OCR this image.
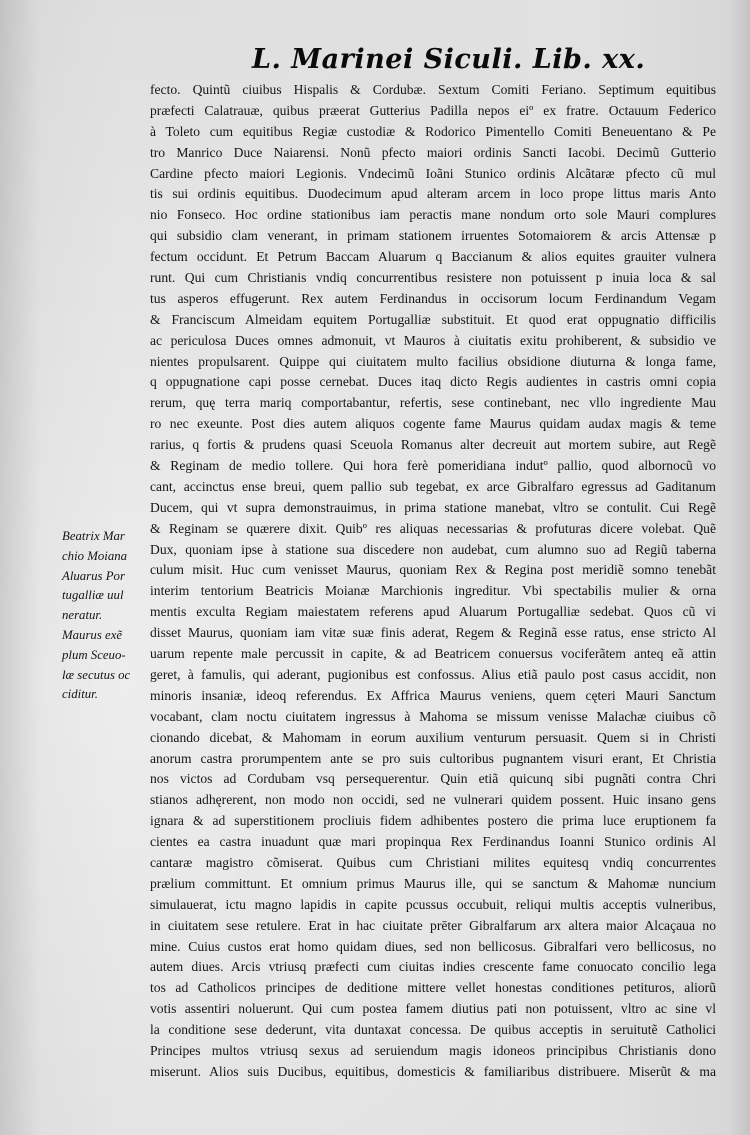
L. Marinei Siculi. Lib. xx.
fecto. Quintũ ciuibus Hispalis & Cordubæ. Sextum Comiti Feriano. Septimum equitibus
præfecti Calatrauæ, quibus præerat Gutterius Padilla nepos eiº ex fratre. Octauum Federico
à Toleto cum equitibus Regiæ custodiæ & Rodorico Pimentello Comiti Beneuentano & Pe
tro Manrico Duce Naiarensi. Nonũ pfecto maiori ordinis Sancti Iacobi. Decimũ Gutterio
Cardine pfecto maiori Legionis. Vndecimũ Ioãni Stunico ordinis Alcãtaræ pfecto cũ mul
tis sui ordinis equitibus. Duodecimum apud alteram arcem in loco prope littus maris Anto
nio Fonseco. Hoc ordine stationibus iam peractis mane nondum orto sole Mauri complures
qui subsidio clam venerant, in primam stationem irruentes Sotomaiorem & arcis Attensæ p
fectum occidunt. Et Petrum Baccam Aluarum q Baccianum & alios equites grauiter vulnera
runt. Qui cum Christianis vndiq concurrentibus resistere non potuissent p inuia loca & sal
tus asperos effugerunt. Rex autem Ferdinandus in occisorum locum Ferdinandum Vegam
& Franciscum Almeidam equitem Portugalliæ substituit. Et quod erat oppugnatio difficilis
ac periculosa Duces omnes admonuit, vt Mauros à ciuitatis exitu prohiberent, & subsidio ve
nientes propulsarent. Quippe qui ciuitatem multo facilius obsidione diuturna & longa fame,
q oppugnatione capi posse cernebat. Duces itaq dicto Regis audientes in castris omni copia
rerum, quę terra mariq comportabantur, refertis, sese continebant, nec vllo ingrediente Mau
ro nec exeunte. Post dies autem aliquos cogente fame Maurus quidam audax magis & teme
rarius, q fortis & prudens quasi Sceuola Romanus alter decreuit aut mortem subire, aut Regẽ
& Reginam de medio tollere. Qui hora ferè pomeridiana indutº pallio, quod albornocũ vo
cant, accinctus ense breui, quem pallio sub tegebat, ex arce Gibralfaro egressus ad Gaditanum
Ducem, qui vt supra demonstrauimus, in prima statione manebat, vltro se contulit. Cui Regẽ
& Reginam se quærere dixit. Quibº res aliquas necessarias & profuturas dicere volebat. Quẽ
Dux, quoniam ipse à statione sua discedere non audebat, cum alumno suo ad Regiũ taberna
culum misit. Huc cum venisset Maurus, quoniam Rex & Regina post meridiẽ somno tenebãt
interim tentorium Beatricis Moianæ Marchionis ingreditur. Vbi spectabilis mulier & orna
mentis exculta Regiam maiestatem referens apud Aluarum Portugalliæ sedebat. Quos cũ vi
disset Maurus, quoniam iam vitæ suæ finis aderat, Regem & Reginã esse ratus, ense stricto Al
uarum repente male percussit in capite, & ad Beatricem conuersus vociferãtem anteq eã attin
geret, à famulis, qui aderant, pugionibus est confossus. Alius etiã paulo post casus accidit, non
minoris insaniæ, ideoq referendus. Ex Affrica Maurus veniens, quem cęteri Mauri Sanctum
vocabant, clam noctu ciuitatem ingressus à Mahoma se missum venisse Malachæ ciuibus cõ
cionando dicebat, & Mahomam in eorum auxilium venturum persuasit. Quem si in Christi
anorum castra prorumpentem ante se pro suis cultoribus pugnantem visuri erant, Et Christia
nos victos ad Cordubam vsq persequerentur. Quin etiã quicunq sibi pugnãti contra Chri
stianos adhęrerent, non modo non occidi, sed ne vulnerari quidem possent. Huic insano gens
ignara & ad superstitionem procliuis fidem adhibentes postero die prima luce eruptionem fa
cientes ea castra inuadunt quæ mari propinqua Rex Ferdinandus Ioanni Stunico ordinis Al
cantaræ magistro cõmiserat. Quibus cum Christiani milites equitesq vndiq concurrentes
prælium committunt. Et omnium primus Maurus ille, qui se sanctum & Mahomæ nuncium
simulauerat, ictu magno lapidis in capite pcussus occubuit, reliqui multis acceptis vulneribus,
in ciuitatem sese retulere. Erat in hac ciuitate prēter Gibralfarum arx altera maior Alcaçaua no
mine. Cuius custos erat homo quidam diues, sed non bellicosus. Gibralfari vero bellicosus, no
autem diues. Arcis vtriusq præfecti cum ciuitas indies crescente fame conuocato concilio lega
tos ad Catholicos principes de deditione mittere vellet honestas conditiones petituros, aliorũ
votis assentiri noluerunt. Qui cum postea famem diutius pati non potuissent, vltro ac sine vl
la conditione sese dederunt, vita duntaxat concessa. De quibus acceptis in seruitutẽ Catholici
Principes multos vtriusq sexus ad seruiendum magis idoneos principibus Christianis dono
miserunt. Alios suis Ducibus, equitibus, domesticis & familiaribus distribuere. Miserũt & ma
Beatrix Mar
chio Moiana
Aluarus Por
tugalliæ uul
neratur.
Maurus exẽ
plum Sceuo-
læ secutus oc
ciditur.
